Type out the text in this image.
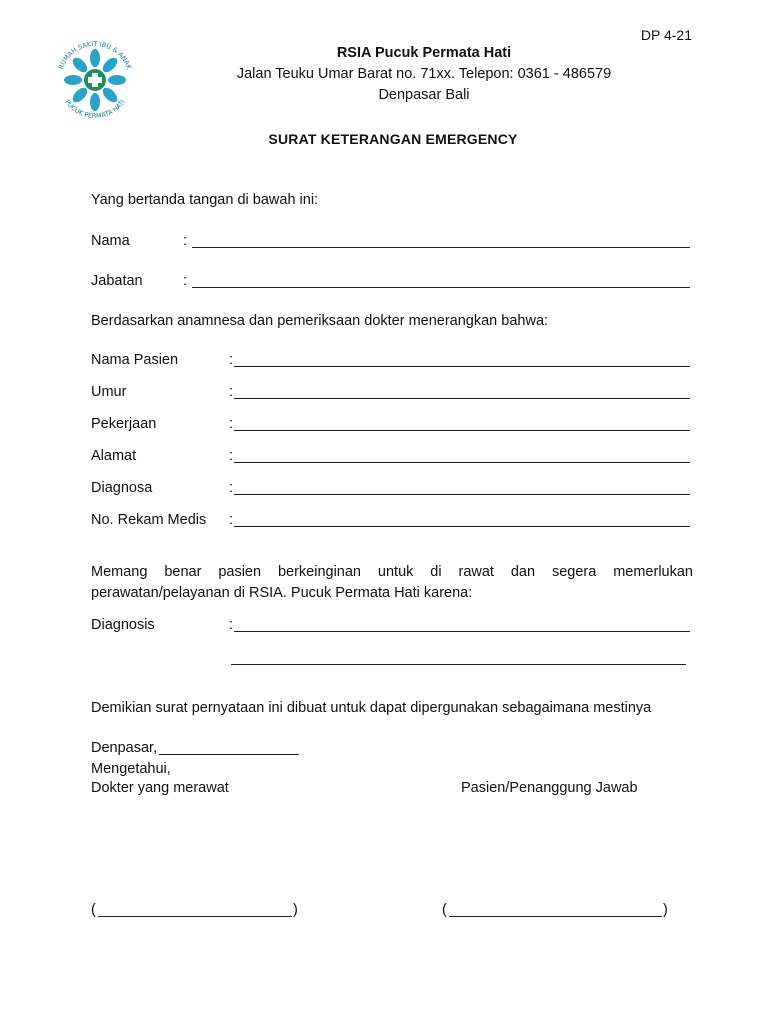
RUMAH SAKIT IBU & ANAK
PUCUK PERMATA HATI
DP 4-21
RSIA Pucuk Permata Hati
Jalan Teuku Umar Barat no. 71xx. Telepon: 0361 - 486579
Denpasar Bali
SURAT KETERANGAN EMERGENCY
Yang bertanda tangan di bawah ini:
Nama	:
Jabatan	:
Berdasarkan anamnesa dan pemeriksaan dokter menerangkan bahwa:
Nama Pasien	:
Umur	:
Pekerjaan	:
Alamat	:
Diagnosa	:
No. Rekam Medis :
Memang benar pasien berkeinginan untuk di rawat dan segera memerlukan
perawatan/pelayanan di RSIA. Pucuk Permata Hati karena:
Diagnosis	:
Demikian surat pernyataan ini dibuat untuk dapat dipergunakan sebagaimana mestinya
Denpasar,
Mengetahui,
Dokter yang merawat	Pasien/Penanggung Jawab
(	)	(	)
